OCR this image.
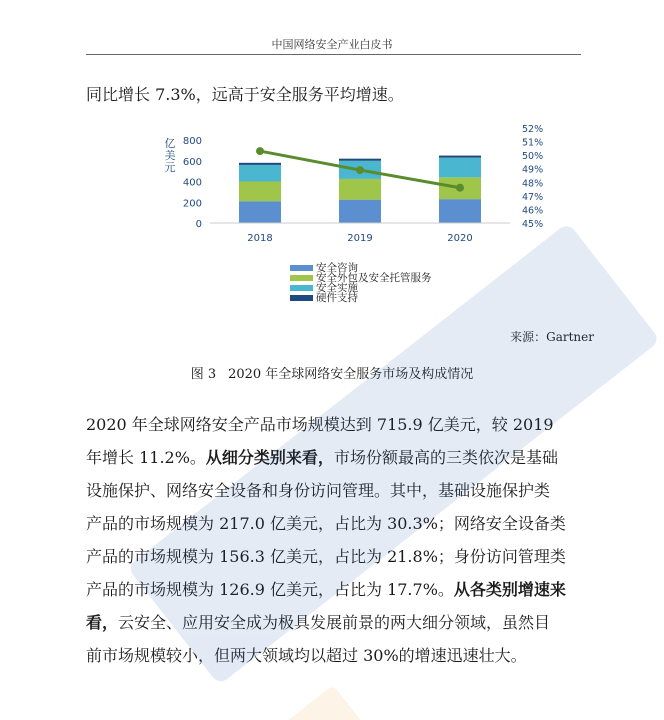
中国网络安全产业白皮书

同比增长 7.3%，远高于安全服务平均增速。

亿
美
元
800
600
400
200
0
52%
51%
50%
49%
48%
47%
46%
45%
2018	2019	2020
安全咨询
安全外包及安全托管服务
安全实施
硬件支持
来源：Gartner
图 3 2020 年全球网络安全服务市场及构成情况

2020 年全球网络安全产品市场规模达到 715.9 亿美元，较 2019
年增长 11.2%。从细分类别来看，市场份额最高的三类依次是基础
设施保护、网络安全设备和身份访问管理。其中，基础设施保护类
产品的市场规模为 217.0 亿美元，占比为 30.3%；网络安全设备类
产品的市场规模为 156.3 亿美元，占比为 21.8%；身份访问管理类
产品的市场规模为 126.9 亿美元，占比为 17.7%。从各类别增速来
看，云安全、应用安全成为极具发展前景的两大细分领域，虽然目
前市场规模较小，但两大领域均以超过 30%的增速迅速壮大。
